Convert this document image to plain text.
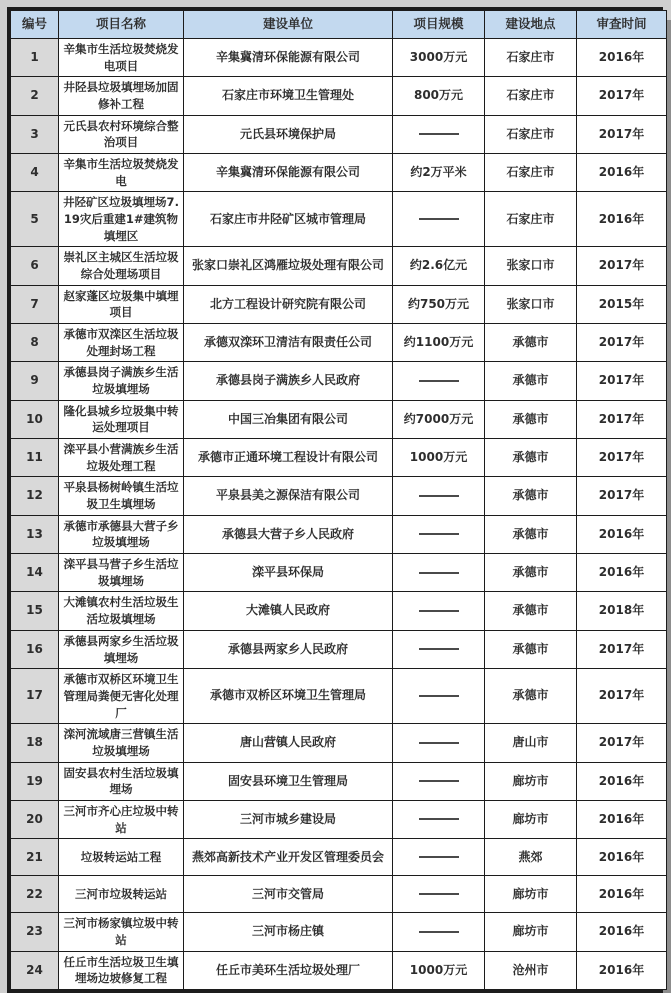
编号	项目名称	建设单位	项目规模	建设地点	审查时间
1	辛集市生活垃圾焚烧发电项目	辛集冀清环保能源有限公司	3000万元	石家庄市	2016年
2	井陉县垃圾填埋场加固修补工程	石家庄市环境卫生管理处	800万元	石家庄市	2017年
3	元氏县农村环境综合整治项目	元氏县环境保护局		石家庄市	2017年
4	辛集市生活垃圾焚烧发电	辛集冀清环保能源有限公司	约2万平米	石家庄市	2016年
5	井陉矿区垃圾填埋场7.19灾后重建1#建筑物填埋区	石家庄市井陉矿区城市管理局		石家庄市	2016年
6	崇礼区主城区生活垃圾综合处理场项目	张家口崇礼区鸿雁垃圾处理有限公司	约2.6亿元	张家口市	2017年
7	赵家蓬区垃圾集中填埋项目	北方工程设计研究院有限公司	约750万元	张家口市	2015年
8	承德市双滦区生活垃圾处理封场工程	承德双滦环卫清洁有限责任公司	约1100万元	承德市	2017年
9	承德县岗子满族乡生活垃圾填埋场	承德县岗子满族乡人民政府		承德市	2017年
10	隆化县城乡垃圾集中转运处理项目	中国三冶集团有限公司	约7000万元	承德市	2017年
11	滦平县小营满族乡生活垃圾处理工程	承德市正通环境工程设计有限公司	1000万元	承德市	2017年
12	平泉县杨树岭镇生活垃圾卫生填埋场	平泉县美之源保洁有限公司		承德市	2017年
13	承德市承德县大营子乡垃圾填埋场	承德县大营子乡人民政府		承德市	2016年
14	滦平县马营子乡生活垃圾填埋场	滦平县环保局		承德市	2016年
15	大滩镇农村生活垃圾生活垃圾填埋场	大滩镇人民政府		承德市	2018年
16	承德县两家乡生活垃圾填埋场	承德县两家乡人民政府		承德市	2017年
17	承德市双桥区环境卫生管理局粪便无害化处理厂	承德市双桥区环境卫生管理局		承德市	2017年
18	滦河流域唐三营镇生活垃圾填埋场	唐山营镇人民政府		唐山市	2017年
19	固安县农村生活垃圾填埋场	固安县环境卫生管理局		廊坊市	2016年
20	三河市齐心庄垃圾中转站	三河市城乡建设局		廊坊市	2016年
21	垃圾转运站工程	燕郊高新技术产业开发区管理委员会		燕郊	2016年
22	三河市垃圾转运站	三河市交管局		廊坊市	2016年
23	三河市杨家镇垃圾中转站	三河市杨庄镇		廊坊市	2016年
24	任丘市生活垃圾卫生填埋场边坡修复工程	任丘市美环生活垃圾处理厂	1000万元	沧州市	2016年
